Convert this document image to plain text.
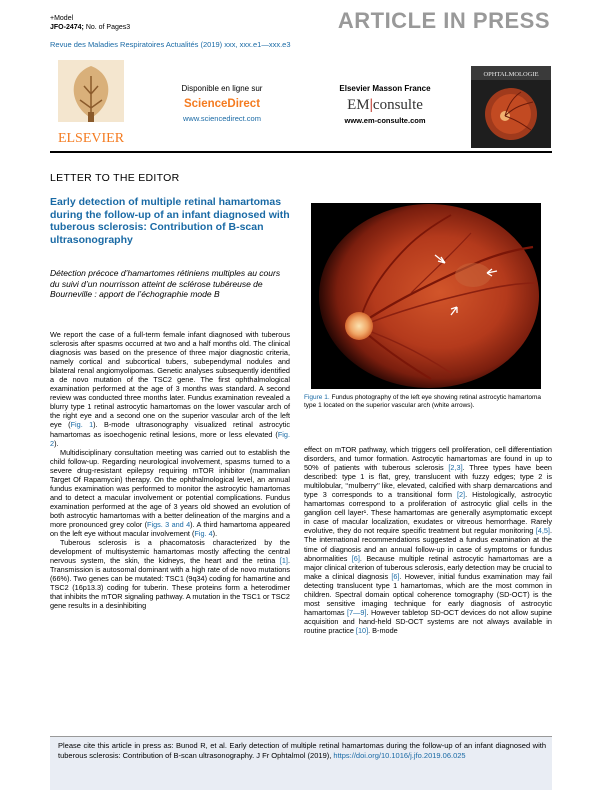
+Model
JFO-2474; No. of Pages3	ARTICLE IN PRESS
Revue des Maladies Respiratoires Actualités (2019) xxx, xxx.e1—xxx.e3
ELSEVIER
Disponible en ligne sur
ScienceDirect
www.sciencedirect.com
Elsevier Masson France
EM|consulte
www.em-consulte.com
OPHTALMOLOGIE
LETTER TO THE EDITOR
Early detection of multiple retinal hamartomas during the follow-up of an infant diagnosed with tuberous sclerosis: Contribution of B-scan ultrasonography
Détection précoce d’hamartomes rétiniens multiples au cours du suivi d’un nourrisson atteint de sclérose tubéreuse de Bourneville : apport de l’échographie mode B

We report the case of a full-term female infant diagnosed with tuberous sclerosis after spasms occurred at two and a half months old. The clinical diagnosis was based on the presence of three major diagnostic criteria, namely cortical and subcortical tubers, subependymal nodules and bilateral renal angiomyolipomas. Genetic analyses subsequently identified a de novo mutation of the TSC2 gene. The first ophthalmological examination performed at the age of 3 months was standard. A second review was conducted three months later. Fundus examination revealed a blurry type 1 retinal astrocytic hamartomas on the lower vascular arch of the right eye and a second one on the superior vascular arch of the left eye (Fig. 1). B-mode ultrasonography visualized retinal astrocytic hamartomas as isoechogenic retinal lesions, more or less elevated (Fig. 2).

Multidisciplinary consultation meeting was carried out to establish the child follow-up. Regarding neurological involvement, spasms turned to a severe drug-resistant epilepsy requiring mTOR inhibitor (mammalian Target Of Rapamycin) therapy. On the ophthalmological level, an annual fundus examination was performed to monitor the astrocytic hamartomas and to detect a macular involvement or potential complications. Fundus examination performed at the age of 3 years old showed an evolution of both astrocytic hamartomas with a better delineation of the margins and a more pronounced grey color (Figs. 3 and 4). A third hamartoma appeared on the left eye without macular involvement (Fig. 4).

Tuberous sclerosis is a phacomatosis characterized by the development of multisystemic hamartomas mostly affecting the central nervous system, the skin, the kidneys, the heart and the retina [1]. Transmission is autosomal dominant with a high rate of de novo mutations (66%). Two genes can be mutated: TSC1 (9q34) coding for hamartine and TSC2 (16p13.3) coding for tuberin. These proteins form a heterodimer that inhibits the mTOR signaling pathway. A mutation in the TSC1 or TSC2 gene results in a desinhibiting

Figure 1. Fundus photography of the left eye showing retinal astrocytic hamartoma type 1 located on the superior vascular arch (white arrows).

effect on mTOR pathway, which triggers cell proliferation, cell differentiation disorders, and tumor formation. Astrocytic hamartomas are found in up to 50% of patients with tuberous sclerosis [2,3]. Three types have been described: type 1 is flat, grey, translucent with fuzzy edges; type 2 is multilobular, ‘‘mulberry’’ like, elevated, calcified with sharp demarcations and type 3 corresponds to a transitional form [2]. Histologically, astrocytic hamartomas correspond to a proliferation of astrocytic glial cells in the ganglion cell layer¹. These hamartomas are generally asymptomatic except in case of macular localization, exudates or vitreous hemorrhage. Rarely evolutive, they do not require specific treatment but regular monitoring [4,5]. The international recommendations suggested a fundus examination at the time of diagnosis and an annual follow-up in case of symptoms or fundus abnormalities [6]. Because multiple retinal astrocytic hamartomas are a major clinical criterion of tuberous sclerosis, early detection may be crucial to make a clinical diagnosis [6]. However, initial fundus examination may fail detecting translucent type 1 hamartomas, which are the most common in children. Spectral domain optical coherence tomography (SD-OCT) is the most sensitive imaging technique for early diagnosis of astrocytic hamartomas [7—9]. However tabletop SD-OCT devices do not allow supine acquisition and hand-held SD-OCT systems are not always available in routine practice [10]. B-mode

Please cite this article in press as: Bunod R, et al. Early detection of multiple retinal hamartomas during the follow-up of an infant diagnosed with tuberous sclerosis: Contribution of B-scan ultrasonography. J Fr Ophtalmol (2019), https://doi.org/10.1016/j.jfo.2019.06.025
